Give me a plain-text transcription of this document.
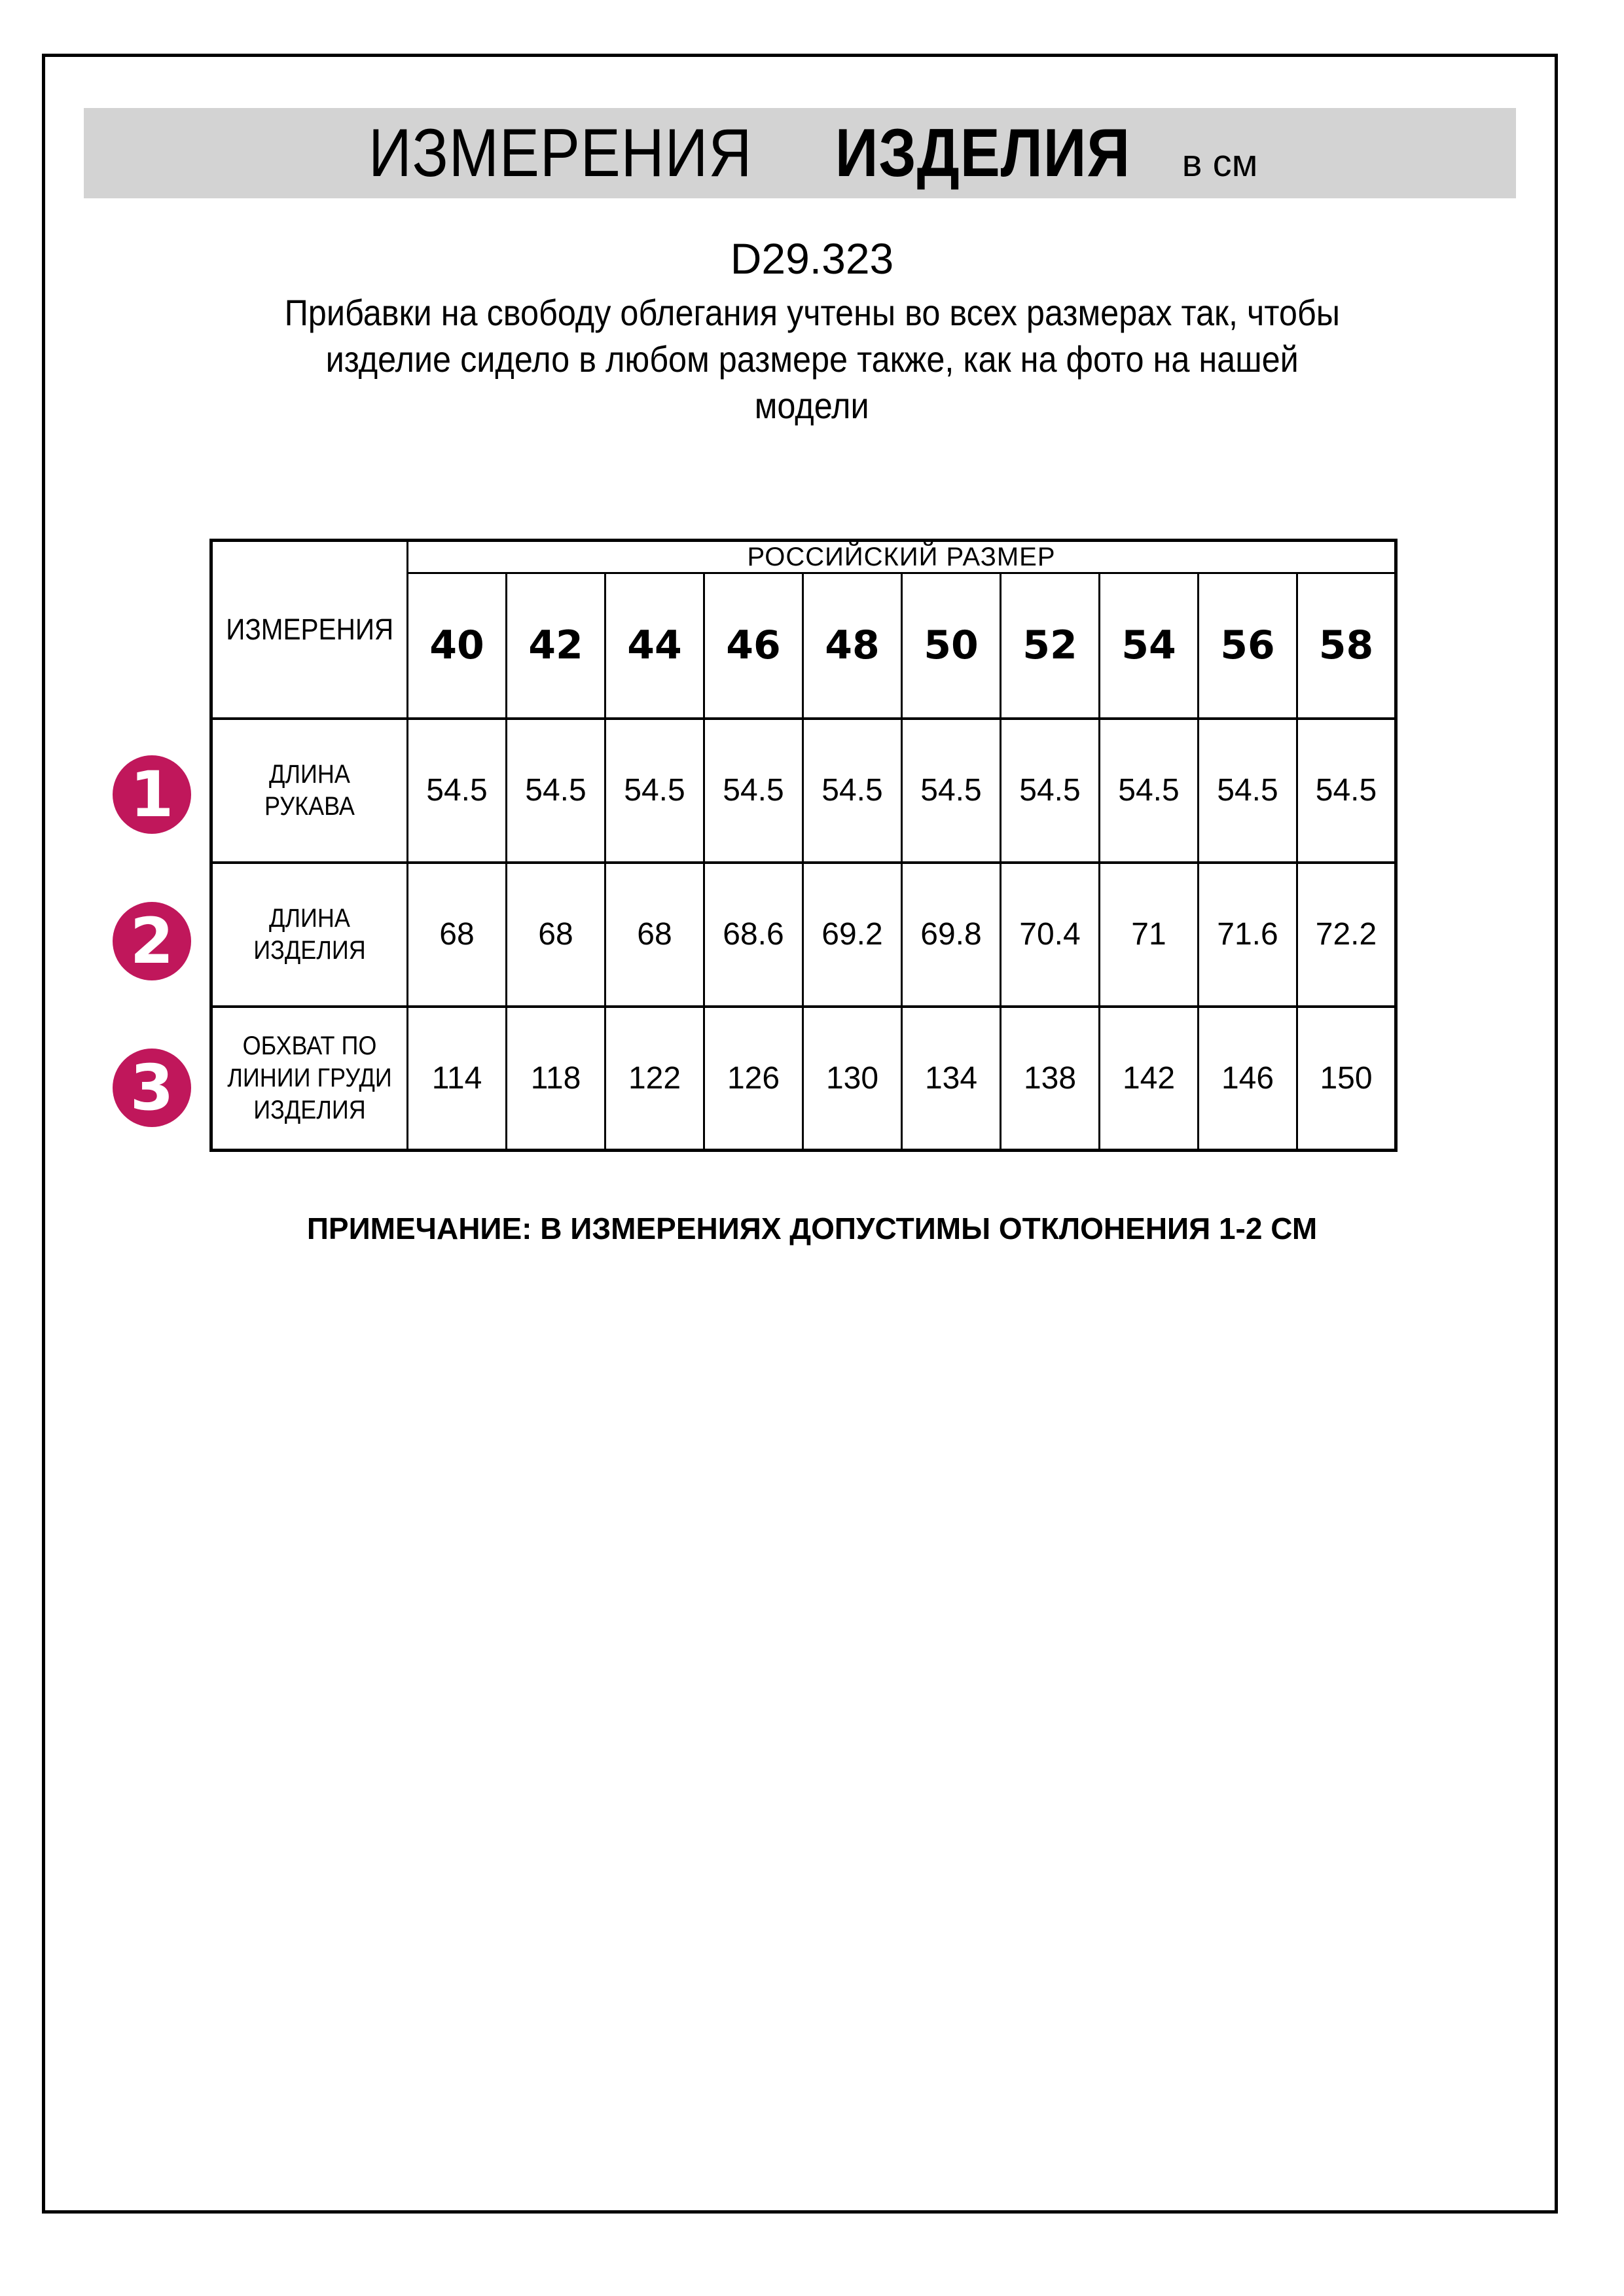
ИЗМЕРЕНИЯ ИЗДЕЛИЯ в см
D29.323
Прибавки на свободу облегания учтены во всех размерах так, чтобы
изделие сидело в любом размере также, как на фото на нашей
модели
ИЗМЕРЕНИЯ	РОССИЙСКИЙ РАЗМЕР									
	40	42	44	46	48	50	52	54	56	58
ДЛИНА РУКАВА	54.5	54.5	54.5	54.5	54.5	54.5	54.5	54.5	54.5	54.5
ДЛИНА ИЗДЕЛИЯ	68	68	68	68.6	69.2	69.8	70.4	71	71.6	72.2
ОБХВАТ ПО ЛИНИИ ГРУДИ ИЗДЕЛИЯ	114	118	122	126	130	134	138	142	146	150
1
2
3
ПРИМЕЧАНИЕ: В ИЗМЕРЕНИЯХ ДОПУСТИМЫ ОТКЛОНЕНИЯ 1-2 СМ
